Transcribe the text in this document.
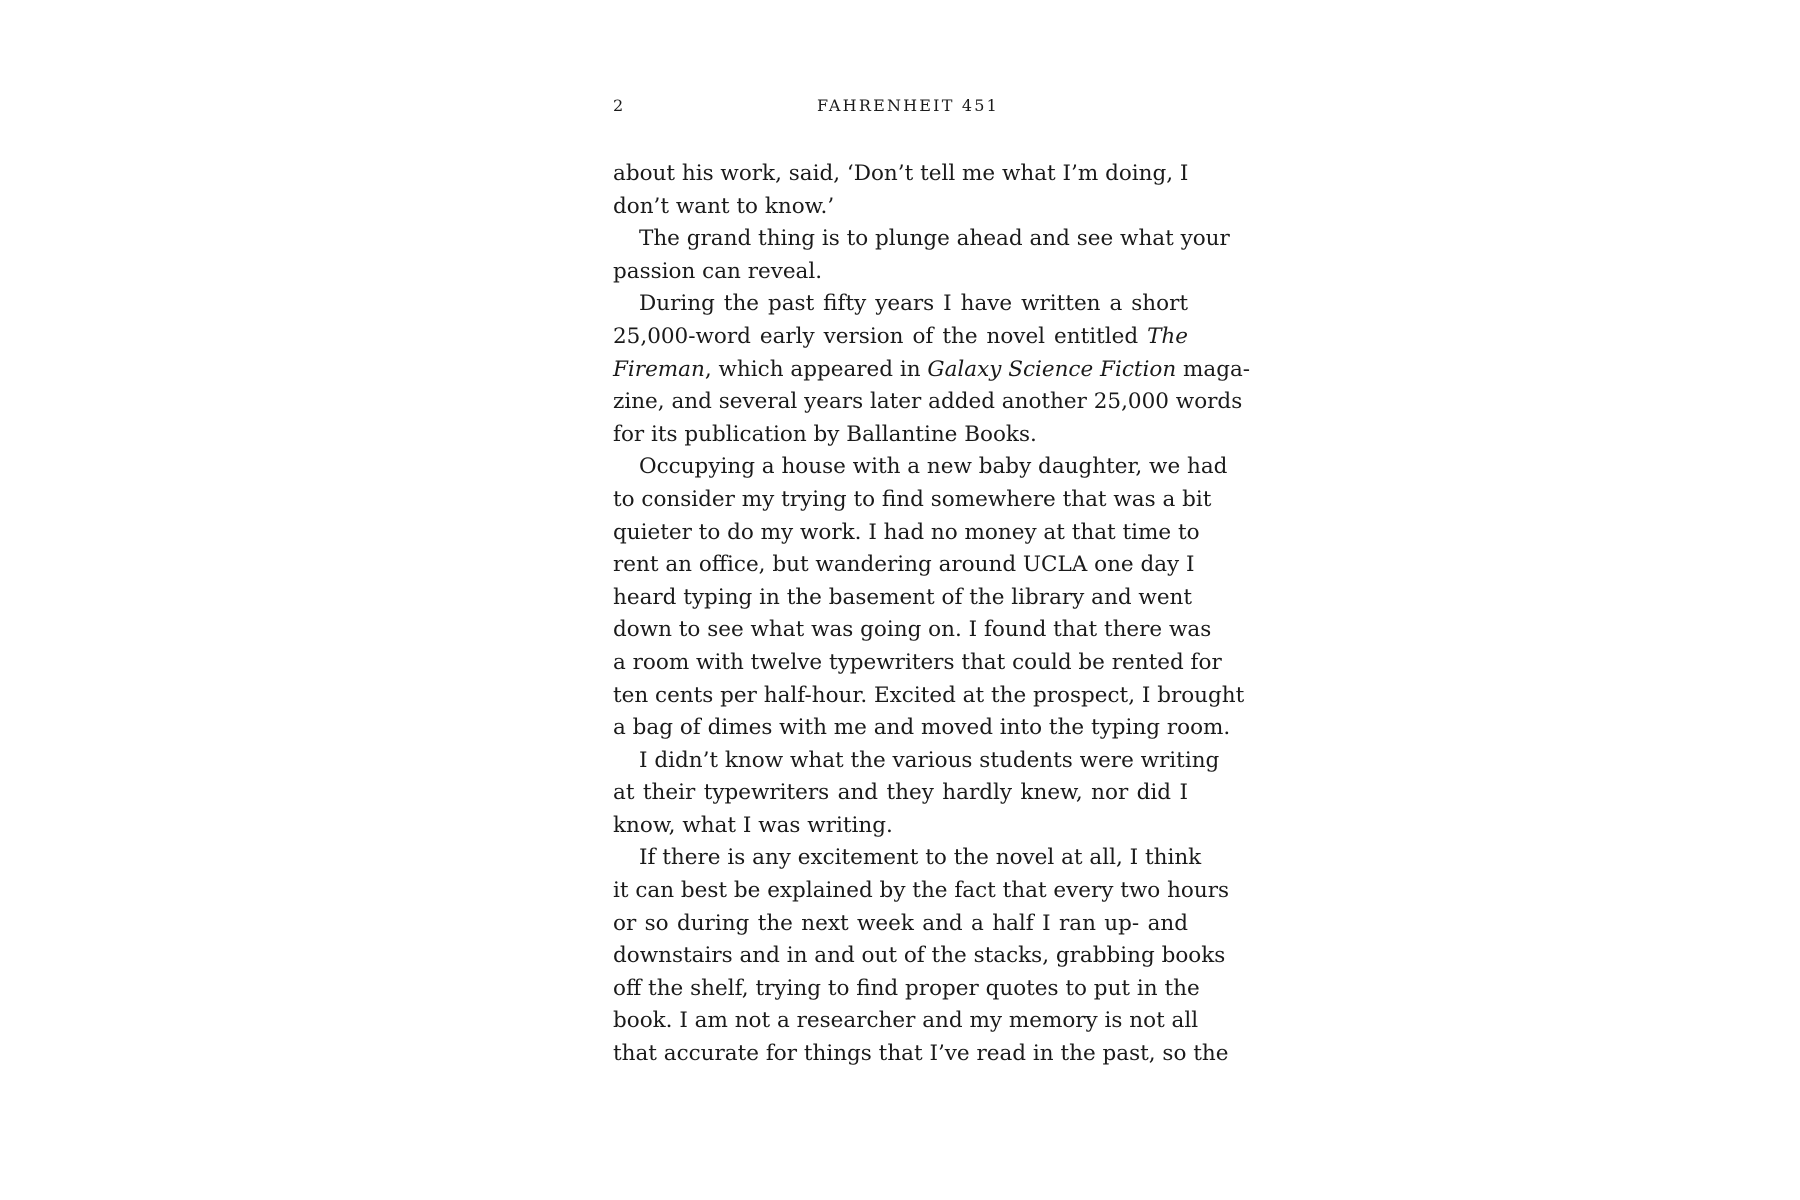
2	FAHRENHEIT 451

about his work, said, ‘Don’t tell me what I’m doing, I
don’t want to know.’

The grand thing is to plunge ahead and see what your
passion can reveal.

During the past fifty years I have written a short
25,000-word early version of the novel entitled The
Fireman, which appeared in Galaxy Science Fiction maga-
zine, and several years later added another 25,000 words
for its publication by Ballantine Books.

Occupying a house with a new baby daughter, we had
to consider my trying to find somewhere that was a bit
quieter to do my work. I had no money at that time to
rent an office, but wandering around UCLA one day I
heard typing in the basement of the library and went
down to see what was going on. I found that there was
a room with twelve typewriters that could be rented for
ten cents per half-hour. Excited at the prospect, I brought
a bag of dimes with me and moved into the typing room.

I didn’t know what the various students were writing
at their typewriters and they hardly knew, nor did I
know, what I was writing.

If there is any excitement to the novel at all, I think
it can best be explained by the fact that every two hours
or so during the next week and a half I ran up- and
downstairs and in and out of the stacks, grabbing books
off the shelf, trying to find proper quotes to put in the
book. I am not a researcher and my memory is not all
that accurate for things that I’ve read in the past, so the
